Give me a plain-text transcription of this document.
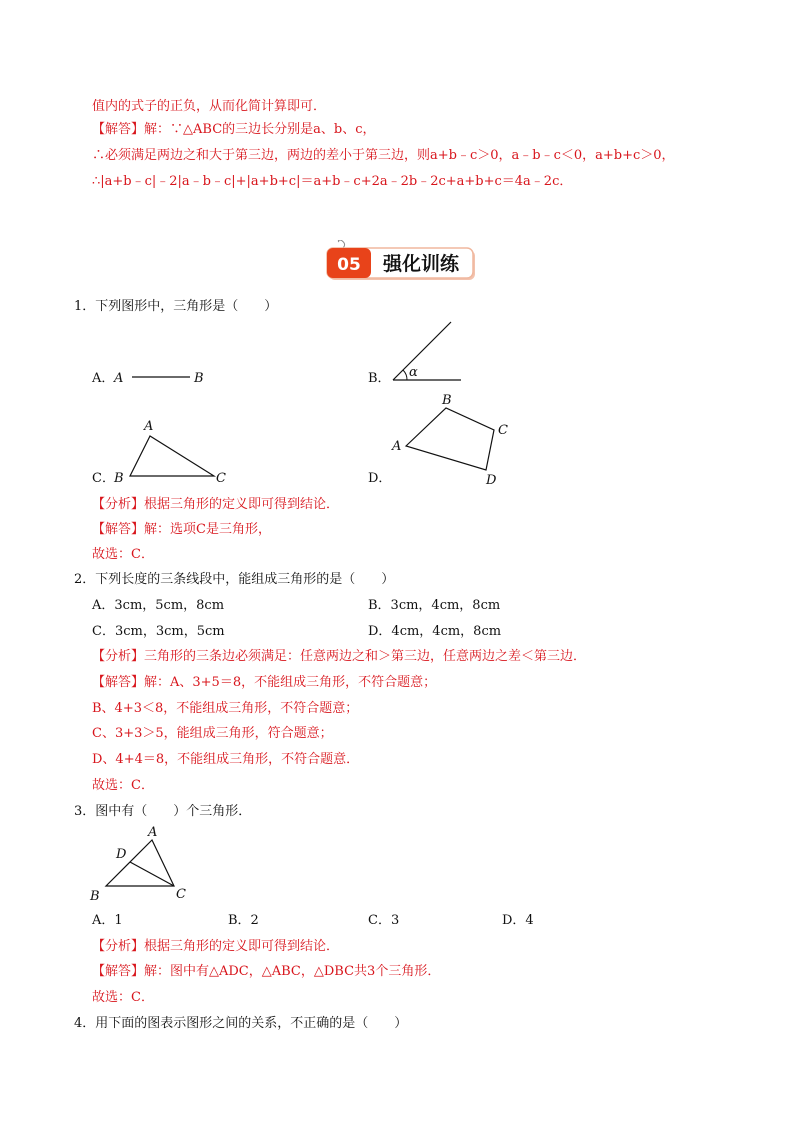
值内的式子的正负，从而化简计算即可．
【解答】解：∵△ABC的三边长分别是a、b、c，
∴必须满足两边之和大于第三边，两边的差小于第三边，则a+b﹣c＞0，a﹣b﹣c＜0，a+b+c＞0，
∴|a+b﹣c|﹣2|a﹣b﹣c|+|a+b+c|＝a+b﹣c+2a﹣2b﹣2c+a+b+c＝4a﹣2c．
05 强化训练
1．下列图形中，三角形是（　　）
A． A	B	B． α
C．
A
B	C	D．
A
B
C
D
【分析】根据三角形的定义即可得到结论．
【解答】解：选项C是三角形，
故选：C．
2．下列长度的三条线段中，能组成三角形的是（　　）
A．3cm，5cm，8cm	B．3cm，4cm，8cm
C．3cm，3cm，5cm	D．4cm，4cm，8cm
【分析】三角形的三条边必须满足：任意两边之和＞第三边，任意两边之差＜第三边．
【解答】解：A、3+5＝8，不能组成三角形，不符合题意；
B、4+3＜8，不能组成三角形，不符合题意；
C、3+3＞5，能组成三角形，符合题意；
D、4+4＝8，不能组成三角形，不符合题意．
故选：C．
3．图中有（　　）个三角形．
A
D
B	C
A．1	B．2	C．3	D．4
【分析】根据三角形的定义即可得到结论．
【解答】解：图中有△ADC，△ABC，△DBC共3个三角形．
故选：C．
4．用下面的图表示图形之间的关系，不正确的是（　　）
